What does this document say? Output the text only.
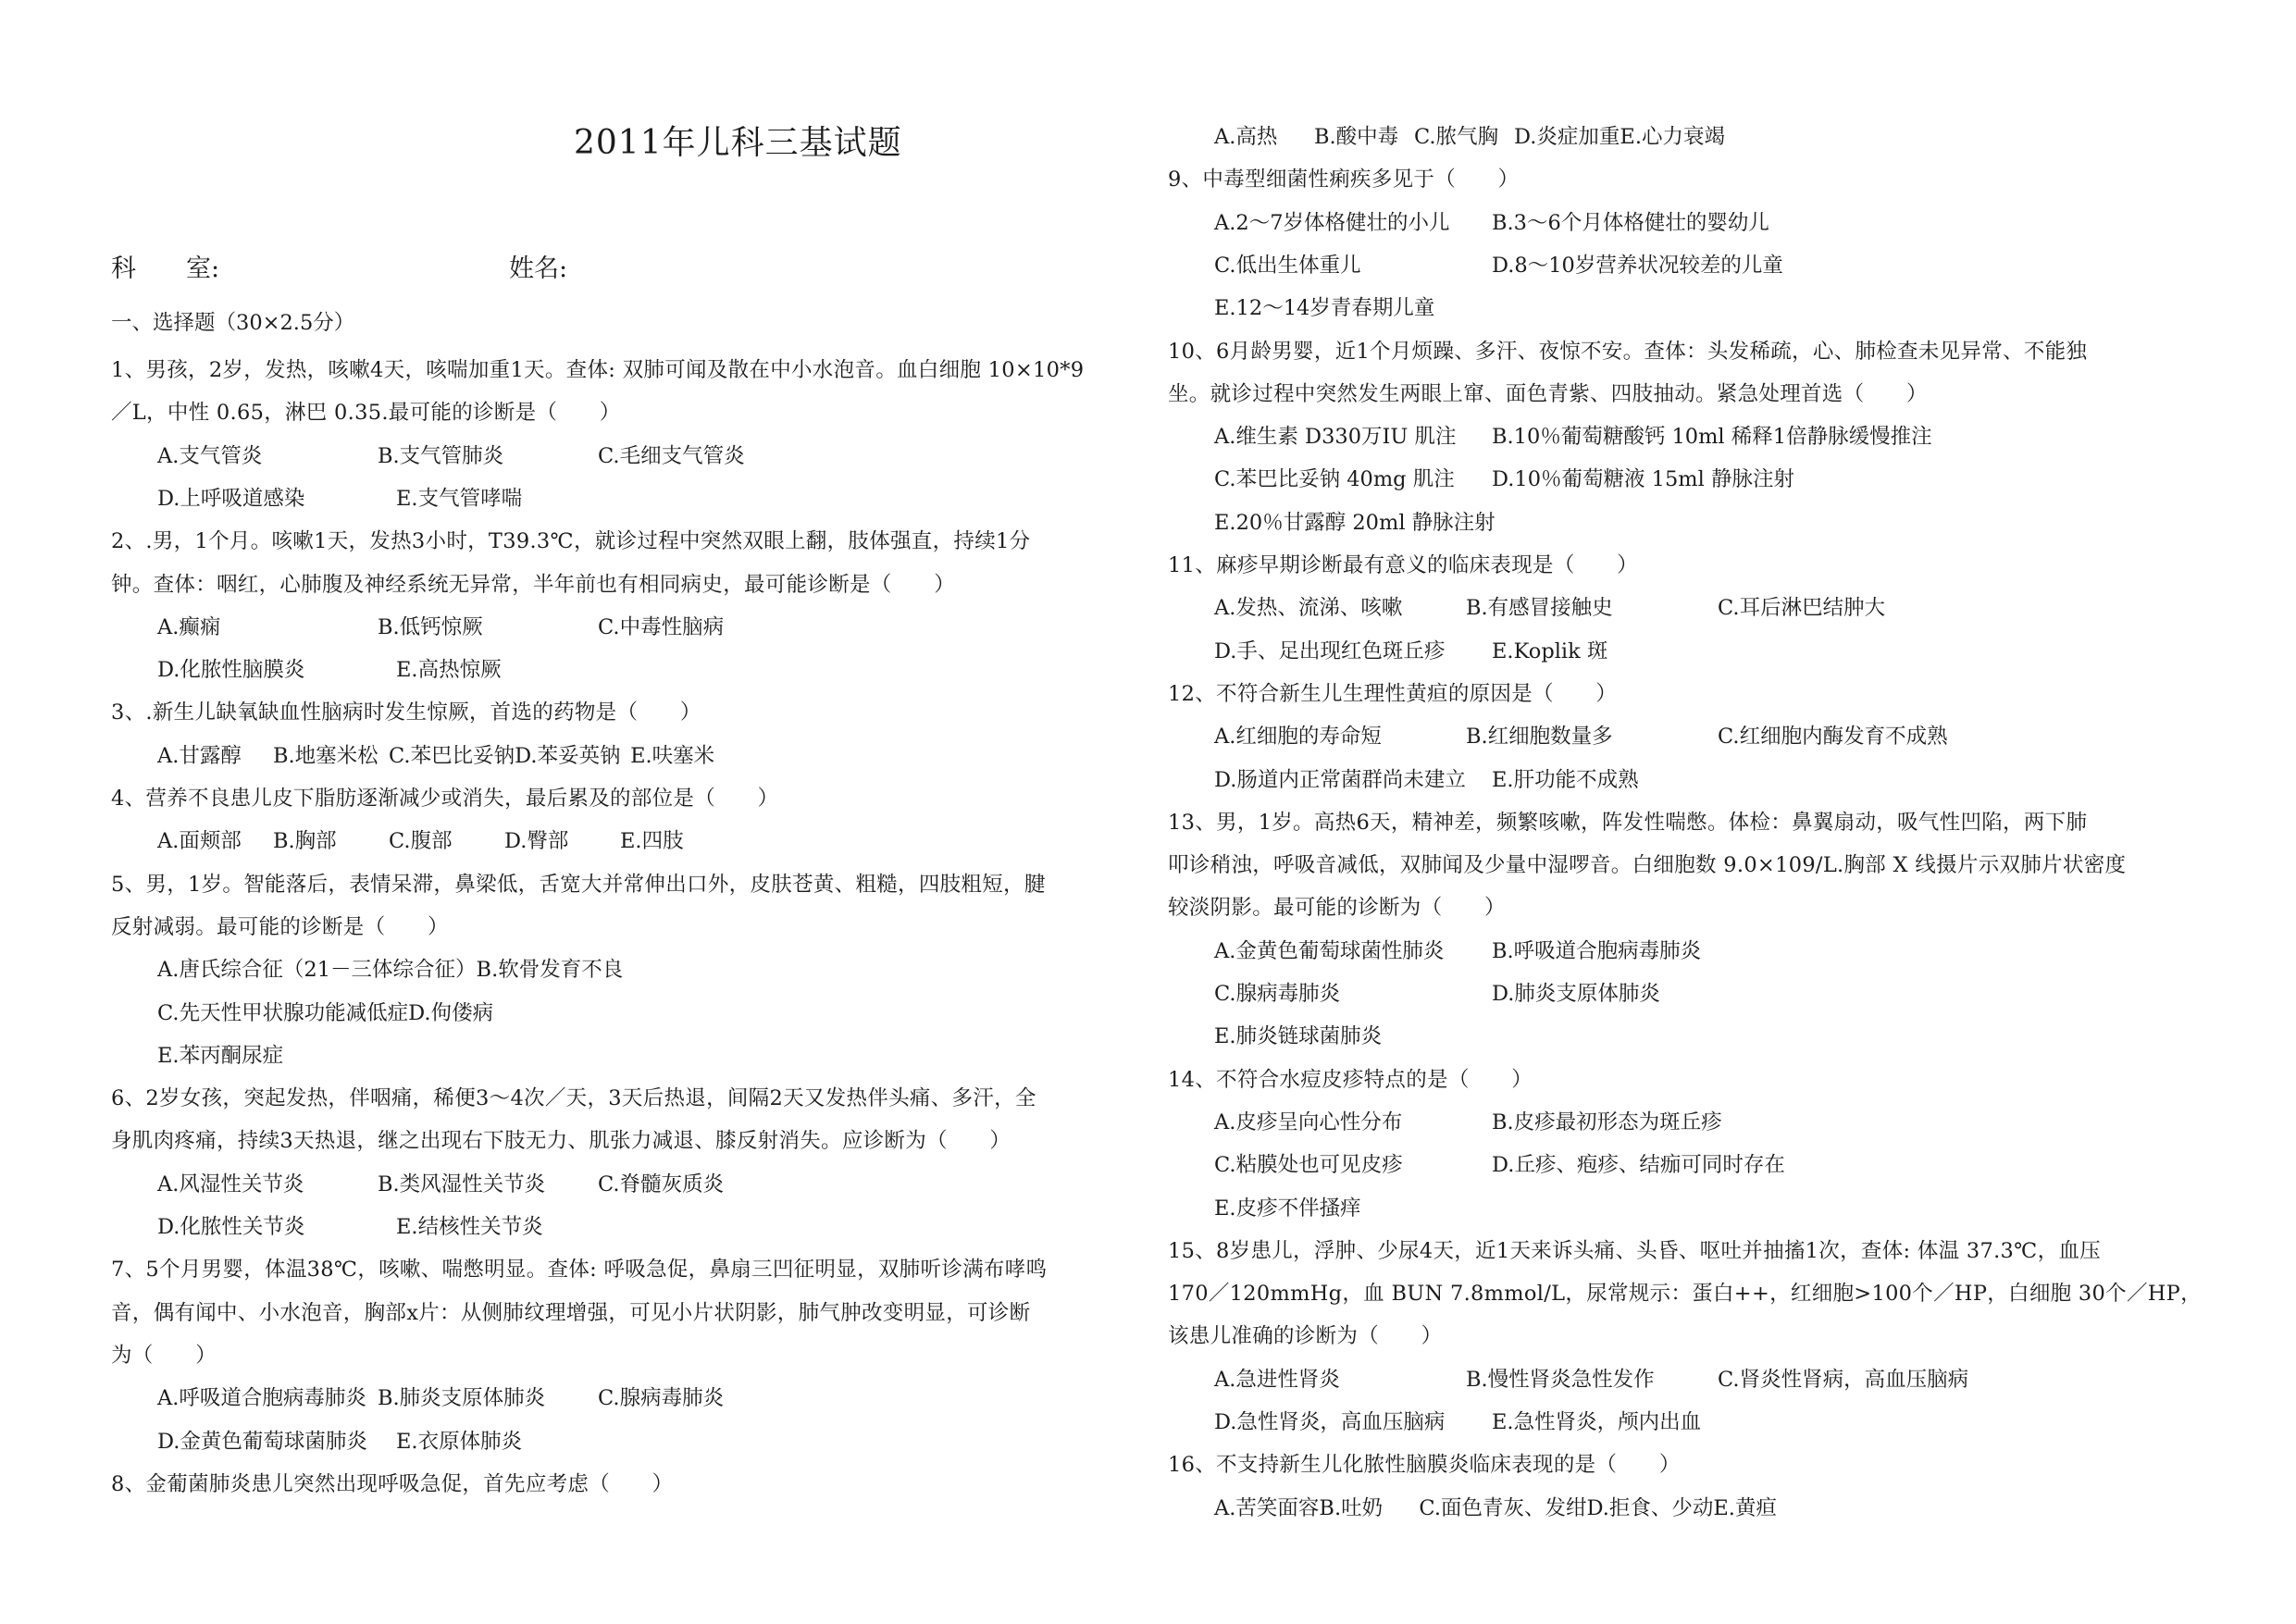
2011年儿科三基试题
科　　室:	姓名:
一、选择题（30×2.5分）
1、男孩，2岁，发热，咳嗽4天，咳喘加重1天。查体: 双肺可闻及散在中小水泡音。血白细胞 10×10*9
／L，中性 0.65，淋巴 0.35.最可能的诊断是（　　）
A.支气管炎	B.支气管肺炎	C.毛细支气管炎
D.上呼吸道感染	E.支气管哮喘
2、.男，1个月。咳嗽1天，发热3小时，T39.3℃，就诊过程中突然双眼上翻，肢体强直，持续1分
钟。查体：咽红，心肺腹及神经系统无异常，半年前也有相同病史，最可能诊断是（　　）
A.癫痫	B.低钙惊厥	C.中毒性脑病
D.化脓性脑膜炎	E.高热惊厥
3、.新生儿缺氧缺血性脑病时发生惊厥，首选的药物是（　　）
A.甘露醇 B.地塞米松 C.苯巴比妥钠D.苯妥英钠 E.呋塞米
4、营养不良患儿皮下脂肪逐渐减少或消失，最后累及的部位是（　　）
A.面颊部 B.胸部	C.腹部	D.臀部 E.四肢
5、男，1岁。智能落后，表情呆滞，鼻梁低，舌宽大并常伸出口外，皮肤苍黄、粗糙，四肢粗短，腱
反射减弱。最可能的诊断是（　　）
A.唐氏综合征（21－三体综合征）B.软骨发育不良
C.先天性甲状腺功能减低症D.佝偻病
E.苯丙酮尿症
6、2岁女孩，突起发热，伴咽痛，稀便3～4次／天，3天后热退，间隔2天又发热伴头痛、多汗，全
身肌肉疼痛，持续3天热退，继之出现右下肢无力、肌张力减退、膝反射消失。应诊断为（　　）
A.风湿性关节炎	B.类风湿性关节炎	C.脊髓灰质炎
D.化脓性关节炎	E.结核性关节炎
7、5个月男婴，体温38℃，咳嗽、喘憋明显。查体: 呼吸急促，鼻扇三凹征明显，双肺听诊满布哮鸣
音，偶有闻中、小水泡音，胸部x片：从侧肺纹理增强，可见小片状阴影，肺气肿改变明显，可诊断
为（　　）
A.呼吸道合胞病毒肺炎 B.肺炎支原体肺炎	C.腺病毒肺炎
D.金黄色葡萄球菌肺炎 E.衣原体肺炎
8、金葡菌肺炎患儿突然出现呼吸急促，首先应考虑（　　）
A.高热 B.酸中毒 C.脓气胸 D.炎症加重E.心力衰竭
9、中毒型细菌性痢疾多见于（　　）
A.2～7岁体格健壮的小儿 B.3～6个月体格健壮的婴幼儿
C.低出生体重儿	D.8～10岁营养状况较差的儿童
E.12～14岁青春期儿童
10、6月龄男婴，近1个月烦躁、多汗、夜惊不安。查体：头发稀疏，心、肺检查未见异常、不能独
坐。就诊过程中突然发生两眼上窜、面色青紫、四肢抽动。紧急处理首选（　　）
A.维生素 D330万IU 肌注 B.10％葡萄糖酸钙 10ml 稀释1倍静脉缓慢推注
C.苯巴比妥钠 40mg 肌注 D.10％葡萄糖液 15ml 静脉注射
E.20％甘露醇 20ml 静脉注射
11、麻疹早期诊断最有意义的临床表现是（　　）
A.发热、流涕、咳嗽	B.有感冒接触史	C.耳后淋巴结肿大
D.手、足出现红色斑丘疹 E.Koplik 斑
12、不符合新生儿生理性黄疸的原因是（　　）
A.红细胞的寿命短	B.红细胞数量多	C.红细胞内酶发育不成熟
D.肠道内正常菌群尚未建立 E.肝功能不成熟
13、男，1岁。高热6天，精神差，频繁咳嗽，阵发性喘憋。体检：鼻翼扇动，吸气性凹陷，两下肺
叩诊稍浊，呼吸音减低，双肺闻及少量中湿啰音。白细胞数 9.0×109/L.胸部 X 线摄片示双肺片状密度
较淡阴影。最可能的诊断为（　　）
A.金黄色葡萄球菌性肺炎 B.呼吸道合胞病毒肺炎
C.腺病毒肺炎	D.肺炎支原体肺炎
E.肺炎链球菌肺炎
14、不符合水痘皮疹特点的是（　　）
A.皮疹呈向心性分布	B.皮疹最初形态为斑丘疹
C.粘膜处也可见皮疹	D.丘疹、疱疹、结痂可同时存在
E.皮疹不伴搔痒
15、8岁患儿，浮肿、少尿4天，近1天来诉头痛、头昏、呕吐并抽搐1次，查体: 体温 37.3℃，血压
170／120mmHg，血 BUN 7.8mmol/L，尿常规示：蛋白++，红细胞>100个／HP，白细胞 30个／HP，
该患儿准确的诊断为（　　）
A.急进性肾炎	B.慢性肾炎急性发作	C.肾炎性肾病，高血压脑病
D.急性肾炎，高血压脑病 E.急性肾炎，颅内出血
16、不支持新生儿化脓性脑膜炎临床表现的是（　　）
A.苦笑面容B.吐奶 C.面色青灰、发绀D.拒食、少动E.黄疸
